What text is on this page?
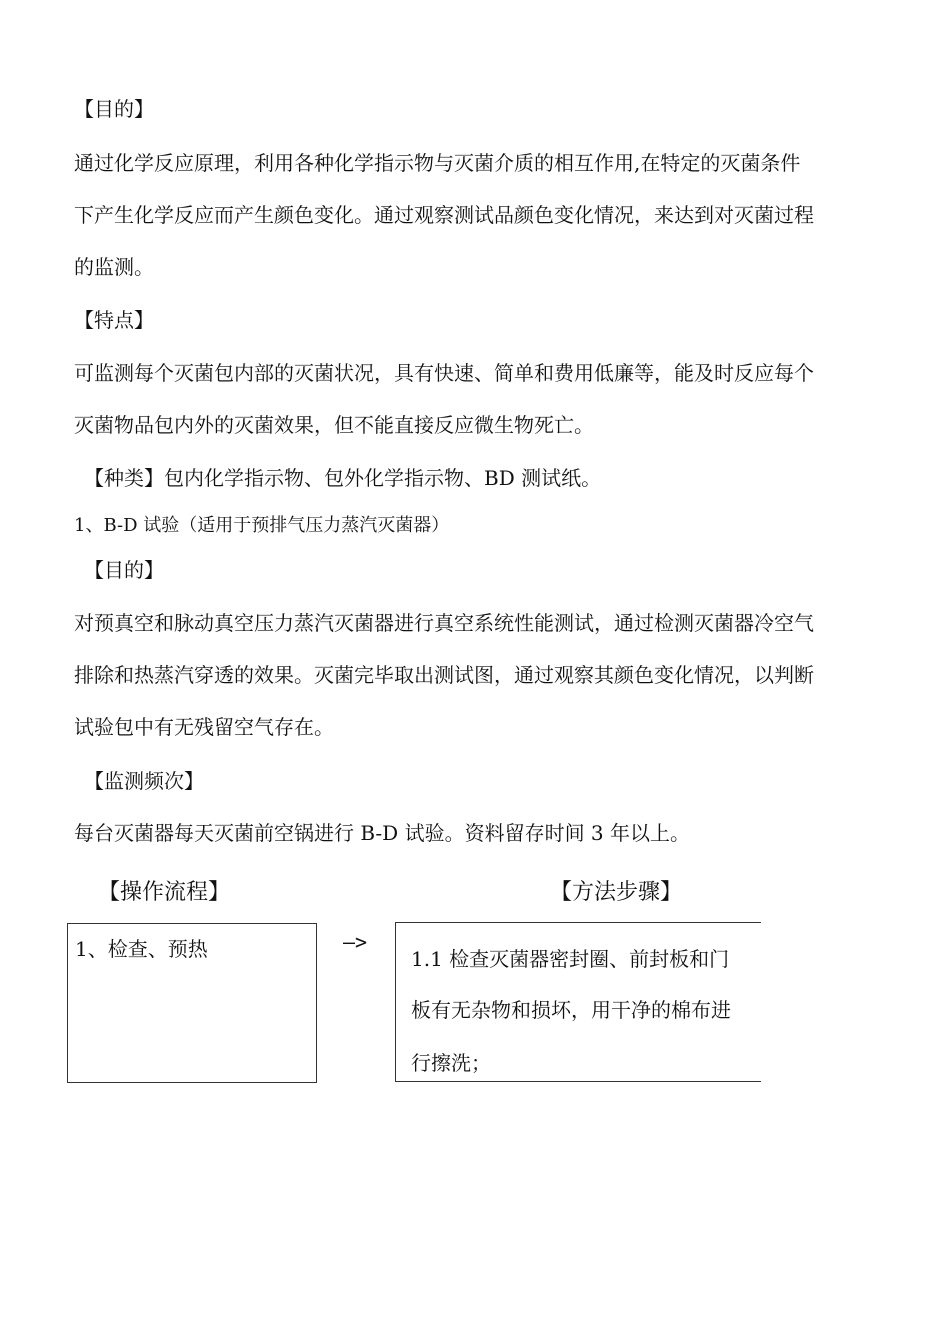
【目的】
通过化学反应原理，利用各种化学指示物与灭菌介质的相互作用,在特定的灭菌条件
下产生化学反应而产生颜色变化。通过观察测试品颜色变化情况，来达到对灭菌过程
的监测。
【特点】
可监测每个灭菌包内部的灭菌状况，具有快速、简单和费用低廉等，能及时反应每个
灭菌物品包内外的灭菌效果，但不能直接反应微生物死亡。
【种类】包内化学指示物、包外化学指示物、BD 测试纸。
1、B-D 试验（适用于预排气压力蒸汽灭菌器）
【目的】
对预真空和脉动真空压力蒸汽灭菌器进行真空系统性能测试，通过检测灭菌器冷空气
排除和热蒸汽穿透的效果。灭菌完毕取出测试图，通过观察其颜色变化情况，以判断
试验包中有无残留空气存在。
【监测频次】
每台灭菌器每天灭菌前空锅进行 B-D 试验。资料留存时间 3 年以上。
【操作流程】	【方法步骤】
1、检查、预热	—>
1.1 检查灭菌器密封圈、前封板和门
板有无杂物和损坏，用干净的棉布进
行擦洗；
